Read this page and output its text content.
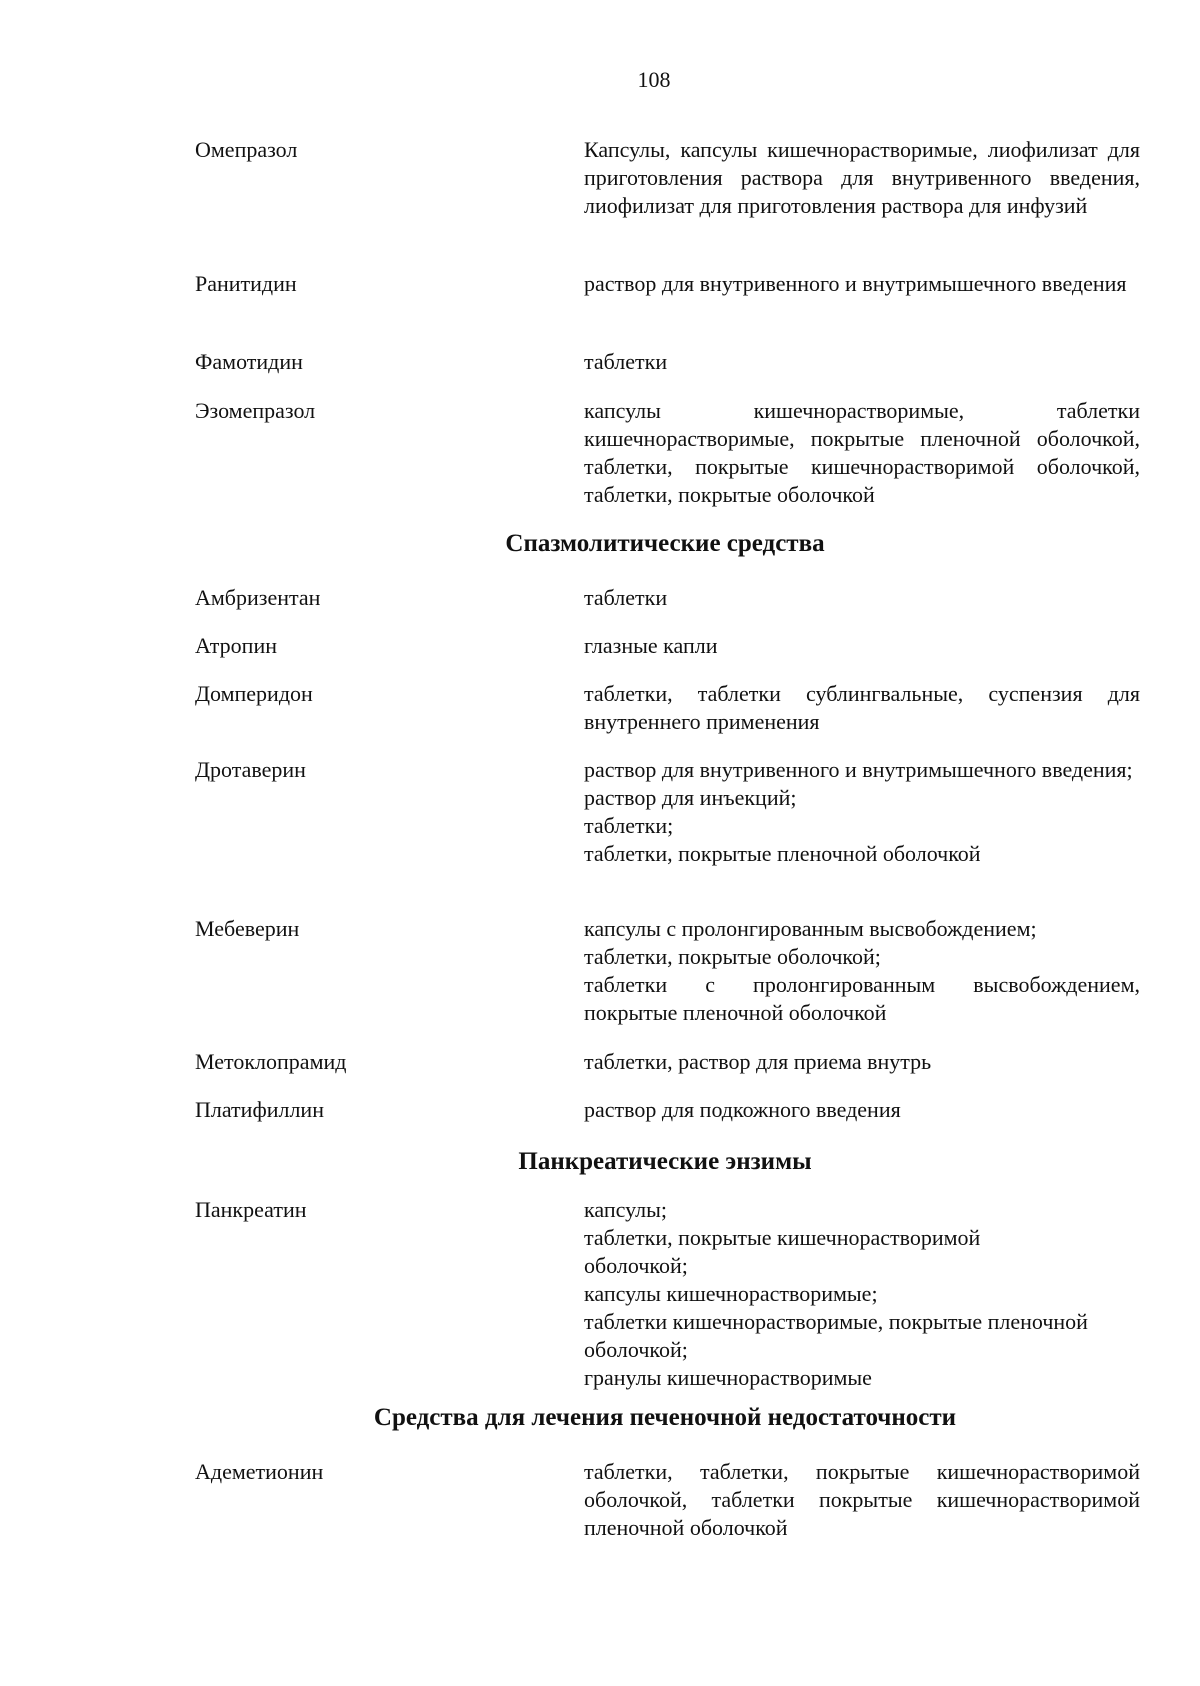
108
Омепразол	Капсулы, капсулы кишечнорастворимые, лиофилизат для приготовления раствора для внутривенного введения, лиофилизат для приготовления раствора для инфузий
Ранитидин	раствор для внутривенного и внутримышечного введения
Фамотидин	таблетки
Эзомепразол	капсулы кишечнорастворимые, таблетки кишечнорастворимые, покрытые пленочной оболочкой, таблетки, покрытые кишечнорастворимой оболочкой, таблетки, покрытые оболочкой
Спазмолитические средства
Амбризентан	таблетки
Атропин	глазные капли
Домперидон	таблетки, таблетки сублингвальные, суспензия для внутреннего применения
Дротаверин	раствор для внутривенного и внутримышечного введения;
раствор для инъекций;
таблетки;
таблетки, покрытые пленочной оболочкой
Мебеверин	капсулы с пролонгированным высвобождением;
таблетки, покрытые оболочкой;
таблетки с пролонгированным высвобождением, покрытые пленочной оболочкой
Метоклопрамид	таблетки, раствор для приема внутрь
Платифиллин	раствор для подкожного введения
Панкреатические энзимы
Панкреатин	капсулы;
таблетки, покрытые кишечнорастворимой
оболочкой;
капсулы кишечнорастворимые;
таблетки кишечнорастворимые, покрытые пленочной оболочкой;
гранулы кишечнорастворимые
Средства для лечения печеночной недостаточности
Адеметионин	таблетки, таблетки, покрытые кишечнорастворимой оболочкой, таблетки покрытые кишечнорастворимой пленочной оболочкой
